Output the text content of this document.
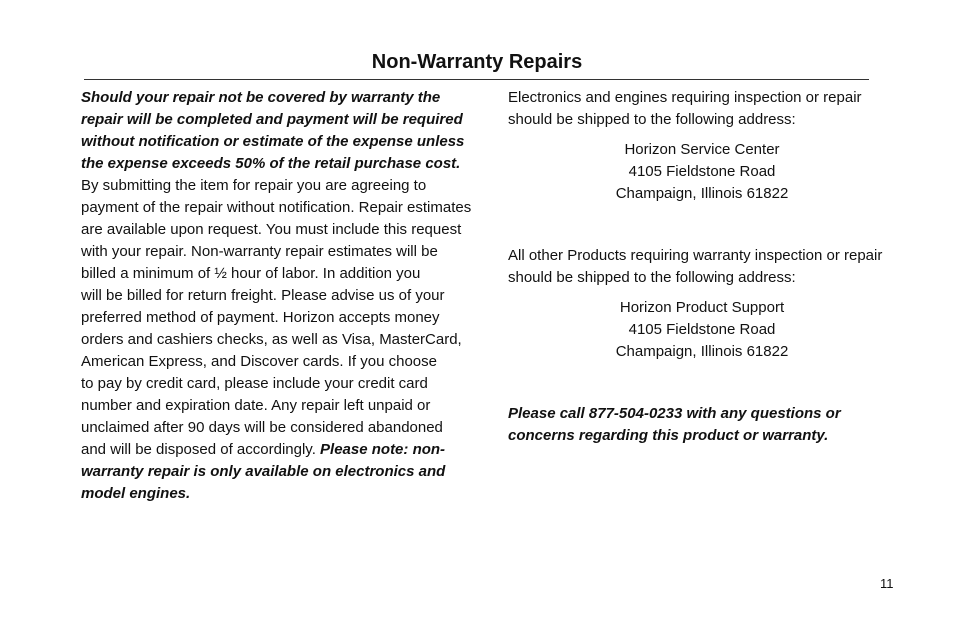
Non-Warranty Repairs
Should your repair not be covered by warranty the
repair will be completed and payment will be required
without notification or estimate of the expense unless
the expense exceeds 50% of the retail purchase cost.
By submitting the item for repair you are agreeing to
payment of the repair without notification. Repair estimates
are available upon request. You must include this request
with your repair. Non-warranty repair estimates will be
billed a minimum of ½ hour of labor. In addition you
will be billed for return freight. Please advise us of your
preferred method of payment. Horizon accepts money
orders and cashiers checks, as well as Visa, MasterCard,
American Express, and Discover cards. If you choose
to pay by credit card, please include your credit card
number and expiration date. Any repair left unpaid or
unclaimed after 90 days will be considered abandoned
and will be disposed of accordingly. Please note: non-
warranty repair is only available on electronics and
model engines.
Electronics and engines requiring inspection or repair
should be shipped to the following address:
Horizon Service Center
4105 Fieldstone Road
Champaign, Illinois 61822
All other Products requiring warranty inspection or repair
should be shipped to the following address:
Horizon Product Support
4105 Fieldstone Road
Champaign, Illinois 61822
Please call 877-504-0233 with any questions or
concerns regarding this product or warranty.
11
